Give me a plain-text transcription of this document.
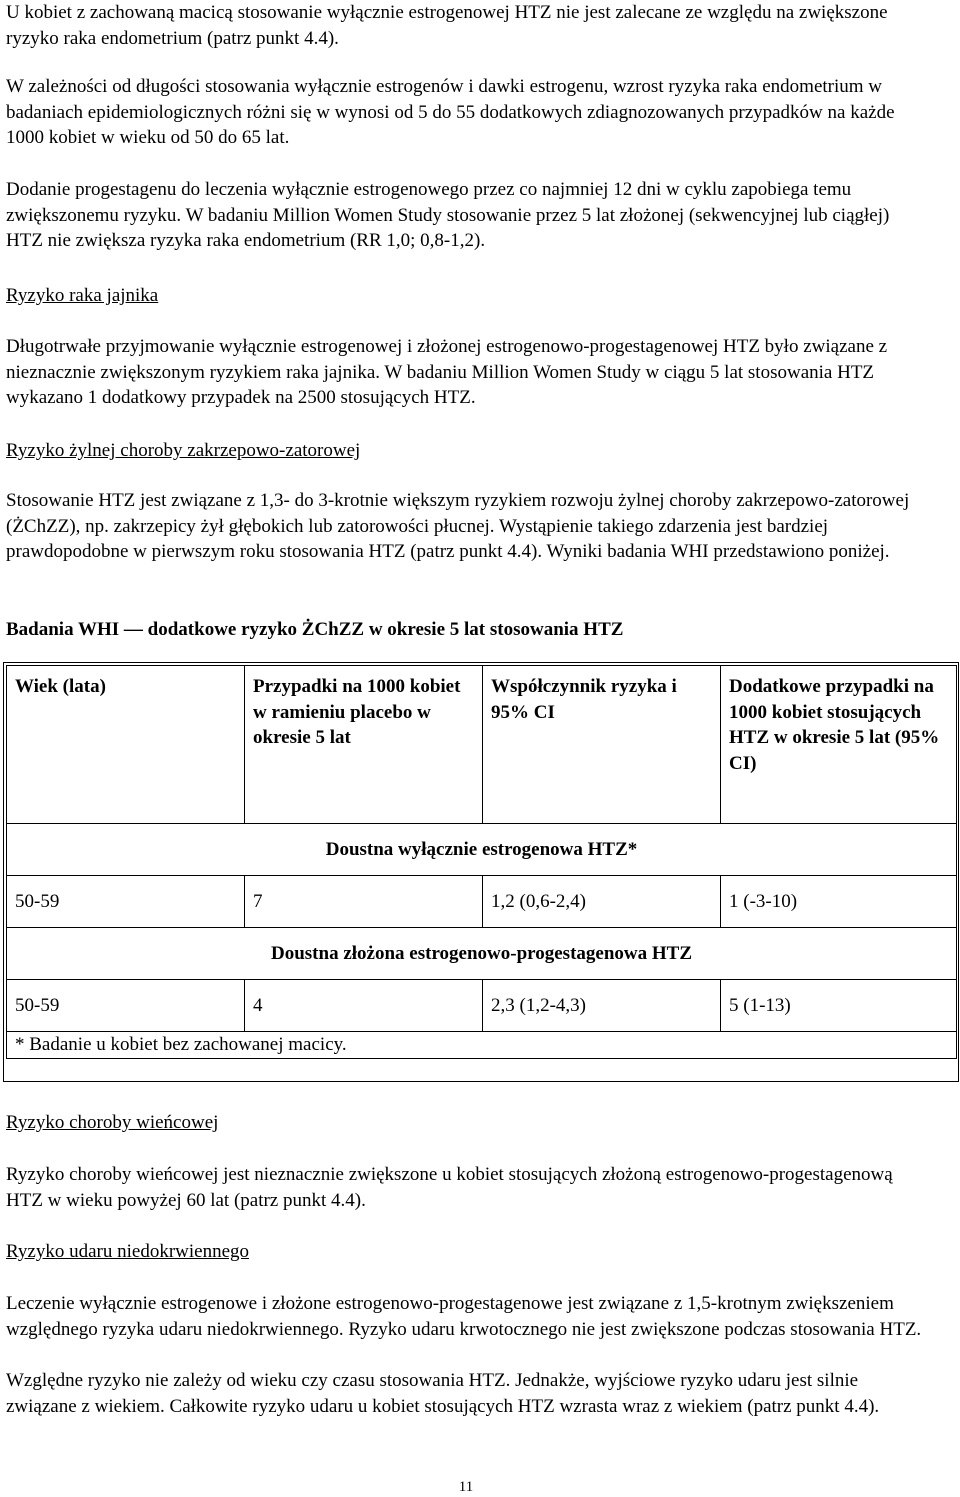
U kobiet z zachowaną macicą stosowanie wyłącznie estrogenowej HTZ nie jest zalecane ze względu na zwiększone ryzyko raka endometrium (patrz punkt 4.4).

W zależności od długości stosowania wyłącznie estrogenów i dawki estrogenu, wzrost ryzyka raka endometrium w badaniach epidemiologicznych różni się w wynosi od 5 do 55 dodatkowych zdiagnozowanych przypadków na każde 1000 kobiet w wieku od 50 do 65 lat.

Dodanie progestagenu do leczenia wyłącznie estrogenowego przez co najmniej 12 dni w cyklu zapobiega temu zwiększonemu ryzyku. W badaniu Million Women Study stosowanie przez 5 lat złożonej (sekwencyjnej lub ciągłej) HTZ nie zwiększa ryzyka raka endometrium (RR 1,0; 0,8-1,2).

Ryzyko raka jajnika

Długotrwałe przyjmowanie wyłącznie estrogenowej i złożonej estrogenowo-progestagenowej HTZ było związane z nieznacznie zwiększonym ryzykiem raka jajnika. W badaniu Million Women Study w ciągu 5 lat stosowania HTZ wykazano 1 dodatkowy przypadek na 2500 stosujących HTZ.

Ryzyko żylnej choroby zakrzepowo-zatorowej

Stosowanie HTZ jest związane z 1,3- do 3-krotnie większym ryzykiem rozwoju żylnej choroby zakrzepowo-zatorowej (ŻChZZ), np. zakrzepicy żył głębokich lub zatorowości płucnej. Wystąpienie takiego zdarzenia jest bardziej prawdopodobne w pierwszym roku stosowania HTZ (patrz punkt 4.4). Wyniki badania WHI przedstawiono poniżej.

Badania WHI — dodatkowe ryzyko ŻChZZ w okresie 5 lat stosowania HTZ

Wiek (lata)	Przypadki na 1000 kobiet w ramieniu placebo w okresie 5 lat	Współczynnik ryzyka i 95% CI	Dodatkowe przypadki na 1000 kobiet stosujących HTZ w okresie 5 lat (95% CI)
Doustna wyłącznie estrogenowa HTZ*			
50-59	7	1,2 (0,6-2,4)	1 (-3-10)
Doustna złożona estrogenowo-progestagenowa HTZ			
50-59	4	2,3 (1,2-4,3)	5 (1-13)
* Badanie u kobiet bez zachowanej macicy.			

Ryzyko choroby wieńcowej

Ryzyko choroby wieńcowej jest nieznacznie zwiększone u kobiet stosujących złożoną estrogenowo-progestagenową HTZ w wieku powyżej 60 lat (patrz punkt 4.4).

Ryzyko udaru niedokrwiennego

Leczenie wyłącznie estrogenowe i złożone estrogenowo-progestagenowe jest związane z 1,5-krotnym zwiększeniem względnego ryzyka udaru niedokrwiennego. Ryzyko udaru krwotocznego nie jest zwiększone podczas stosowania HTZ.

Względne ryzyko nie zależy od wieku czy czasu stosowania HTZ. Jednakże, wyjściowe ryzyko udaru jest silnie związane z wiekiem. Całkowite ryzyko udaru u kobiet stosujących HTZ wzrasta wraz z wiekiem (patrz punkt 4.4).

11
